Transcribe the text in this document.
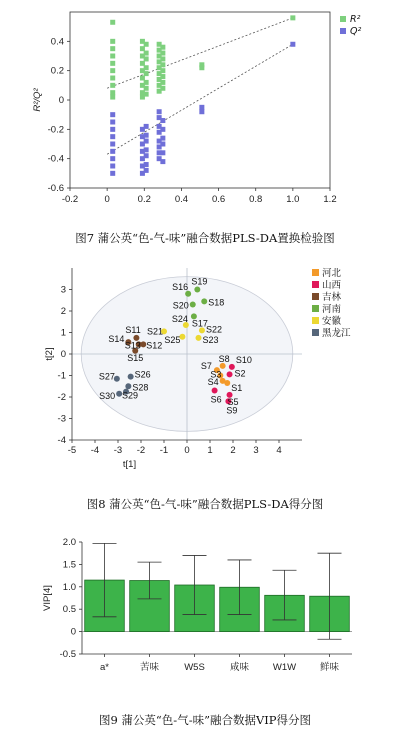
-0.2	0	0.2	0.4	0.6	0.8	1.0	1.2
-0.6
-0.4
-0.2
0
0.2
0.4
R²/Q²
R²
Q²
图7 蒲公英“色-气-味”融合数据PLS-DA置换检验图
-5 -4 -3 -2 -1 0 1 2 3 4
-4
-3
-2
-1
0
1
2
3
t[1]
t[2]
S1
S2
S3
S4
S5
S6
S7
S8
S9
S10
S11
S12
S13
S14
S15
S16
S17
S18
S19
S20
S21	S22
S23
S24
S25
S26
S27
S28
S29
S30
河北
山西
吉林
河南
安徽
黑龙江
图8 蒲公英“色-气-味”融合数据PLS-DA得分图
-0.5
0
0.5
1.0
1.5
2.0
VIP[4]
a*	苦味	W5S	咸味	W1W	鲜味
图9 蒲公英“色-气-味”融合数据VIP得分图
